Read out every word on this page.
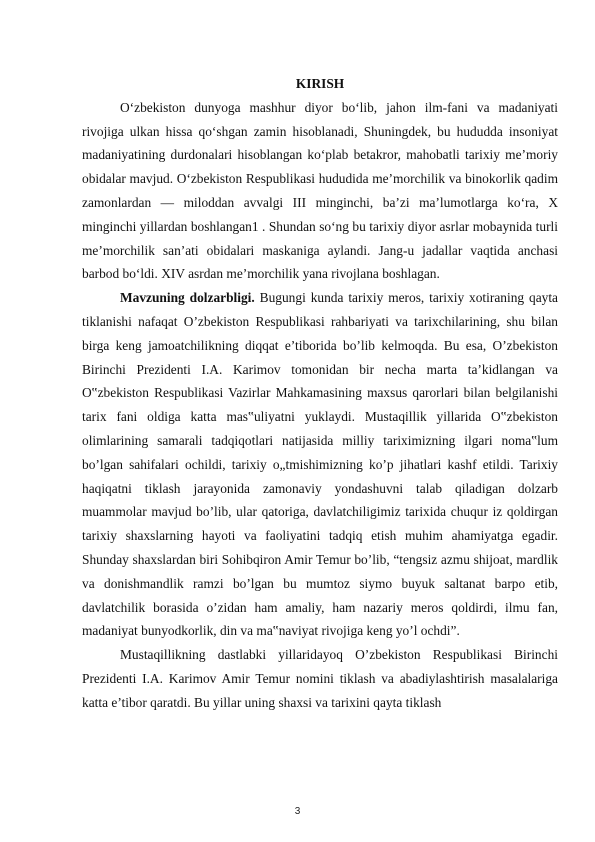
KIRISH

O‘zbekiston dunyoga mashhur diyor bo‘lib, jahon ilm-fani va madaniyati rivojiga ulkan hissa qo‘shgan zamin hisoblanadi, Shuningdek, bu hududda insoniyat madaniyatining durdonalari hisoblangan ko‘plab betakror, mahobatli tarixiy me’moriy obidalar mavjud. O‘zbekiston Respublikasi hududida me’morchilik va binokorlik qadim zamonlardan — miloddan avvalgi III minginchi, ba’zi ma’lumotlarga ko‘ra, X minginchi yillardan boshlangan1 . Shundan so‘ng bu tarixiy diyor asrlar mobaynida turli me’morchilik san’ati obidalari maskaniga aylandi. Jang-u jadallar vaqtida anchasi barbod bo‘ldi. XIV asrdan me’morchilik yana rivojlana boshlagan.

Mavzuning dolzarbligi. Bugungi kunda tarixiy meros, tarixiy xotiraning qayta tiklanishi nafaqat O’zbekiston Respublikasi rahbariyati va tarixchilarining, shu bilan birga keng jamoatchilikning diqqat e’tiborida bo’lib kelmoqda. Bu esa, O’zbekiston Birinchi Prezidenti I.A. Karimov tomonidan bir necha marta ta’kidlangan va O‟zbekiston Respublikasi Vazirlar Mahkamasining maxsus qarorlari bilan belgilanishi tarix fani oldiga katta mas‟uliyatni yuklaydi. Mustaqillik yillarida O‟zbekiston olimlarining samarali tadqiqotlari natijasida milliy tariximizning ilgari noma‟lum bo’lgan sahifalari ochildi, tarixiy o„tmishimizning ko’p jihatlari kashf etildi. Tarixiy haqiqatni tiklash jarayonida zamonaviy yondashuvni talab qiladigan dolzarb muammolar mavjud bo’lib, ular qatoriga, davlatchiligimiz tarixida chuqur iz qoldirgan tarixiy shaxslarning hayoti va faoliyatini tadqiq etish muhim ahamiyatga egadir. Shunday shaxslardan biri Sohibqiron Amir Temur bo’lib, “tengsiz azmu shijoat, mardlik va donishmandlik ramzi bo’lgan bu mumtoz siymo buyuk saltanat barpo etib, davlatchilik borasida o’zidan ham amaliy, ham nazariy meros qoldirdi, ilmu fan, madaniyat bunyodkorlik, din va ma‟naviyat rivojiga keng yo’l ochdi”.

Mustaqillikning dastlabki yillaridayoq O’zbekiston Respublikasi Birinchi Prezidenti I.A. Karimov Amir Temur nomini tiklash va abadiylashtirish masalalariga katta e’tibor qaratdi. Bu yillar uning shaxsi va tarixini qayta tiklash

3
